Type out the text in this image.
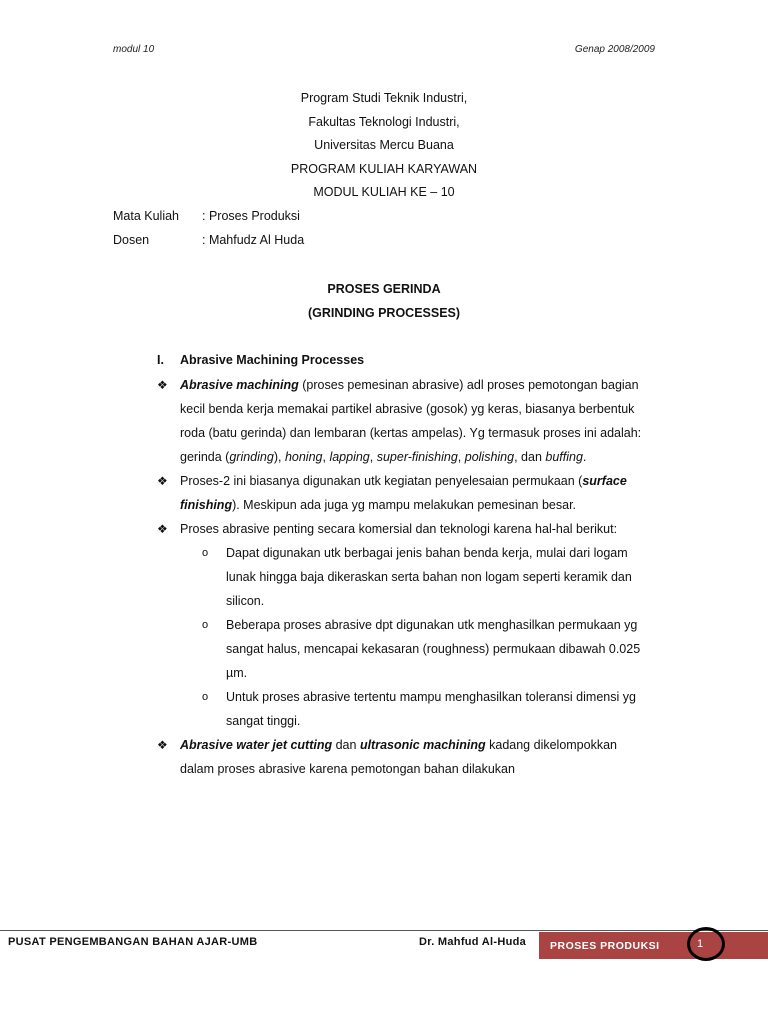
modul 10	Genap 2008/2009
Program Studi Teknik Industri,
Fakultas Teknologi Industri,
Universitas Mercu Buana
PROGRAM KULIAH KARYAWAN
MODUL KULIAH KE – 10
Mata Kuliah	: Proses Produksi
Dosen	: Mahfudz Al Huda
PROSES GERINDA
(GRINDING PROCESSES)
I.	Abrasive Machining Processes
❖ Abrasive machining (proses pemesinan abrasive) adl proses pemotongan bagian kecil benda kerja memakai partikel abrasive (gosok) yg keras, biasanya berbentuk roda (batu gerinda) dan lembaran (kertas ampelas). Yg termasuk proses ini adalah: gerinda (grinding), honing, lapping, super-finishing, polishing, dan buffing.
❖ Proses-2 ini biasanya digunakan utk kegiatan penyelesaian permukaan (surface finishing). Meskipun ada juga yg mampu melakukan pemesinan besar.
❖ Proses abrasive penting secara komersial dan teknologi karena hal-hal berikut:
o	Dapat digunakan utk berbagai jenis bahan benda kerja, mulai dari logam lunak hingga baja dikeraskan serta bahan non logam seperti keramik dan silicon.
o	Beberapa proses abrasive dpt digunakan utk menghasilkan permukaan yg sangat halus, mencapai kekasaran (roughness) permukaan dibawah 0.025 µm.
o	Untuk proses abrasive tertentu mampu menghasilkan toleransi dimensi yg sangat tinggi.
❖ Abrasive water jet cutting dan ultrasonic machining kadang dikelompokkan dalam proses abrasive karena pemotongan bahan dilakukan
PUSAT PENGEMBANGAN BAHAN AJAR-UMB	Dr. Mahfud Al-Huda PROSES PRODUKSI	1
